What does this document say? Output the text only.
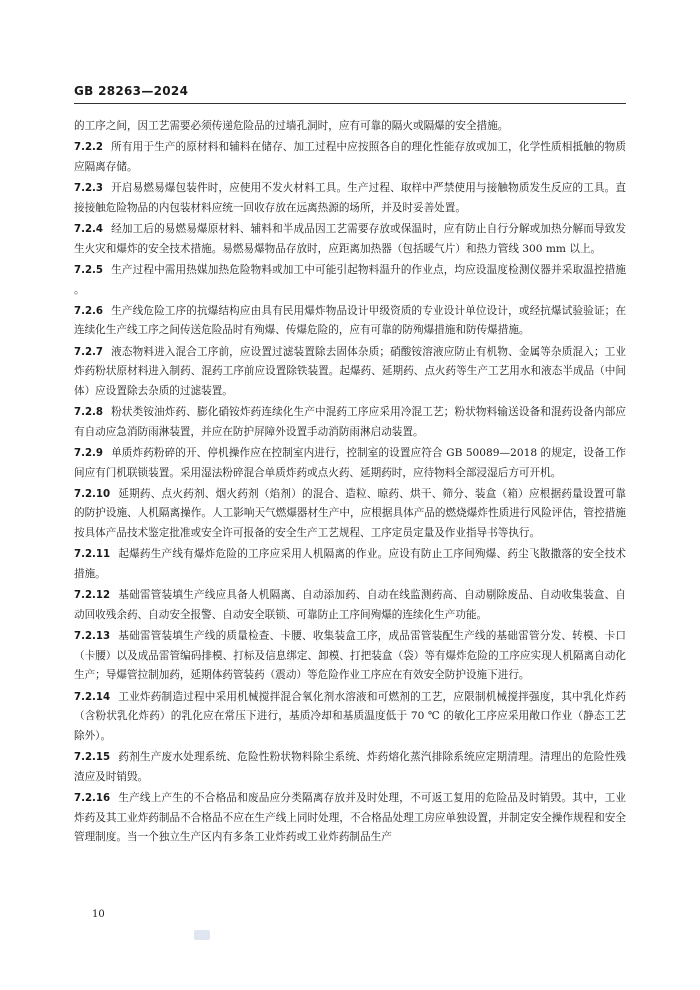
GB 28263—2024

的工序之间，因工艺需要必须传递危险品的过墙孔洞时，应有可靠的隔火或隔爆的安全措施。

7.2.2 所有用于生产的原材料和辅料在储存、加工过程中应按照各自的理化性能存放或加工，化学性质相抵触的物质应隔离存储。

7.2.3 开启易燃易爆包装件时，应使用不发火材料工具。生产过程、取样中严禁使用与接触物质发生反应的工具。直接接触危险物品的内包装材料应统一回收存放在远离热源的场所，并及时妥善处置。

7.2.4 经加工后的易燃易爆原材料、辅料和半成品因工艺需要存放或保温时，应有防止自行分解或加热分解而导致发生火灾和爆炸的安全技术措施。易燃易爆物品存放时，应距离加热器（包括暖气片）和热力管线 300 mm 以上。

7.2.5 生产过程中需用热媒加热危险物料或加工中可能引起物料温升的作业点，均应设温度检测仪器并采取温控措施。

7.2.6 生产线危险工序的抗爆结构应由具有民用爆炸物品设计甲级资质的专业设计单位设计，或经抗爆试验验证；在连续化生产线工序之间传送危险品时有殉爆、传爆危险的，应有可靠的防殉爆措施和防传爆措施。

7.2.7 液态物料进入混合工序前，应设置过滤装置除去固体杂质；硝酸铵溶液应防止有机物、金属等杂质混入；工业炸药粉状原材料进入制药、混药工序前应设置除铁装置。起爆药、延期药、点火药等生产工艺用水和液态半成品（中间体）应设置除去杂质的过滤装置。

7.2.8 粉状类铵油炸药、膨化硝铵炸药连续化生产中混药工序应采用冷混工艺；粉状物料输送设备和混药设备内部应有自动应急消防雨淋装置，并应在防护屏障外设置手动消防雨淋启动装置。

7.2.9 单质炸药粉碎的开、停机操作应在控制室内进行，控制室的设置应符合 GB 50089—2018 的规定，设备工作间应有门机联锁装置。采用湿法粉碎混合单质炸药或点火药、延期药时，应待物料全部浸湿后方可开机。

7.2.10 延期药、点火药剂、烟火药剂（焰剂）的混合、造粒、晾药、烘干、筛分、装盒（箱）应根据药量设置可靠的防护设施、人机隔离操作。人工影响天气燃爆器材生产中，应根据具体产品的燃烧爆炸性质进行风险评估，管控措施按具体产品技术鉴定批准或安全许可报备的安全生产工艺规程、工序定员定量及作业指导书等执行。

7.2.11 起爆药生产线有爆炸危险的工序应采用人机隔离的作业。应设有防止工序间殉爆、药尘飞散撒落的安全技术措施。

7.2.12 基础雷管装填生产线应具备人机隔离、自动添加药、自动在线监测药高、自动剔除废品、自动收集装盒、自动回收残余药、自动安全报警、自动安全联锁、可靠防止工序间殉爆的连续化生产功能。

7.2.13 基础雷管装填生产线的质量检查、卡腰、收集装盒工序，成品雷管装配生产线的基础雷管分发、转模、卡口（卡腰）以及成品雷管编码排模、打标及信息绑定、卸模、打把装盒（袋）等有爆炸危险的工序应实现人机隔离自动化生产；导爆管拉制加药，延期体药管装药（震动）等危险作业工序应在有效安全防护设施下进行。

7.2.14 工业炸药制造过程中采用机械搅拌混合氧化剂水溶液和可燃剂的工艺，应限制机械搅拌强度，其中乳化炸药（含粉状乳化炸药）的乳化应在常压下进行，基质冷却和基质温度低于 70 ℃ 的敏化工序应采用敞口作业（静态工艺除外）。

7.2.15 药剂生产废水处理系统、危险性粉状物料除尘系统、炸药熔化蒸汽排除系统应定期清理。清理出的危险性残渣应及时销毁。

7.2.16 生产线上产生的不合格品和废品应分类隔离存放并及时处理，不可返工复用的危险品及时销毁。其中，工业炸药及其工业炸药制品不合格品不应在生产线上同时处理，不合格品处理工房应单独设置，并制定安全操作规程和安全管理制度。当一个独立生产区内有多条工业炸药或工业炸药制品生产

10
